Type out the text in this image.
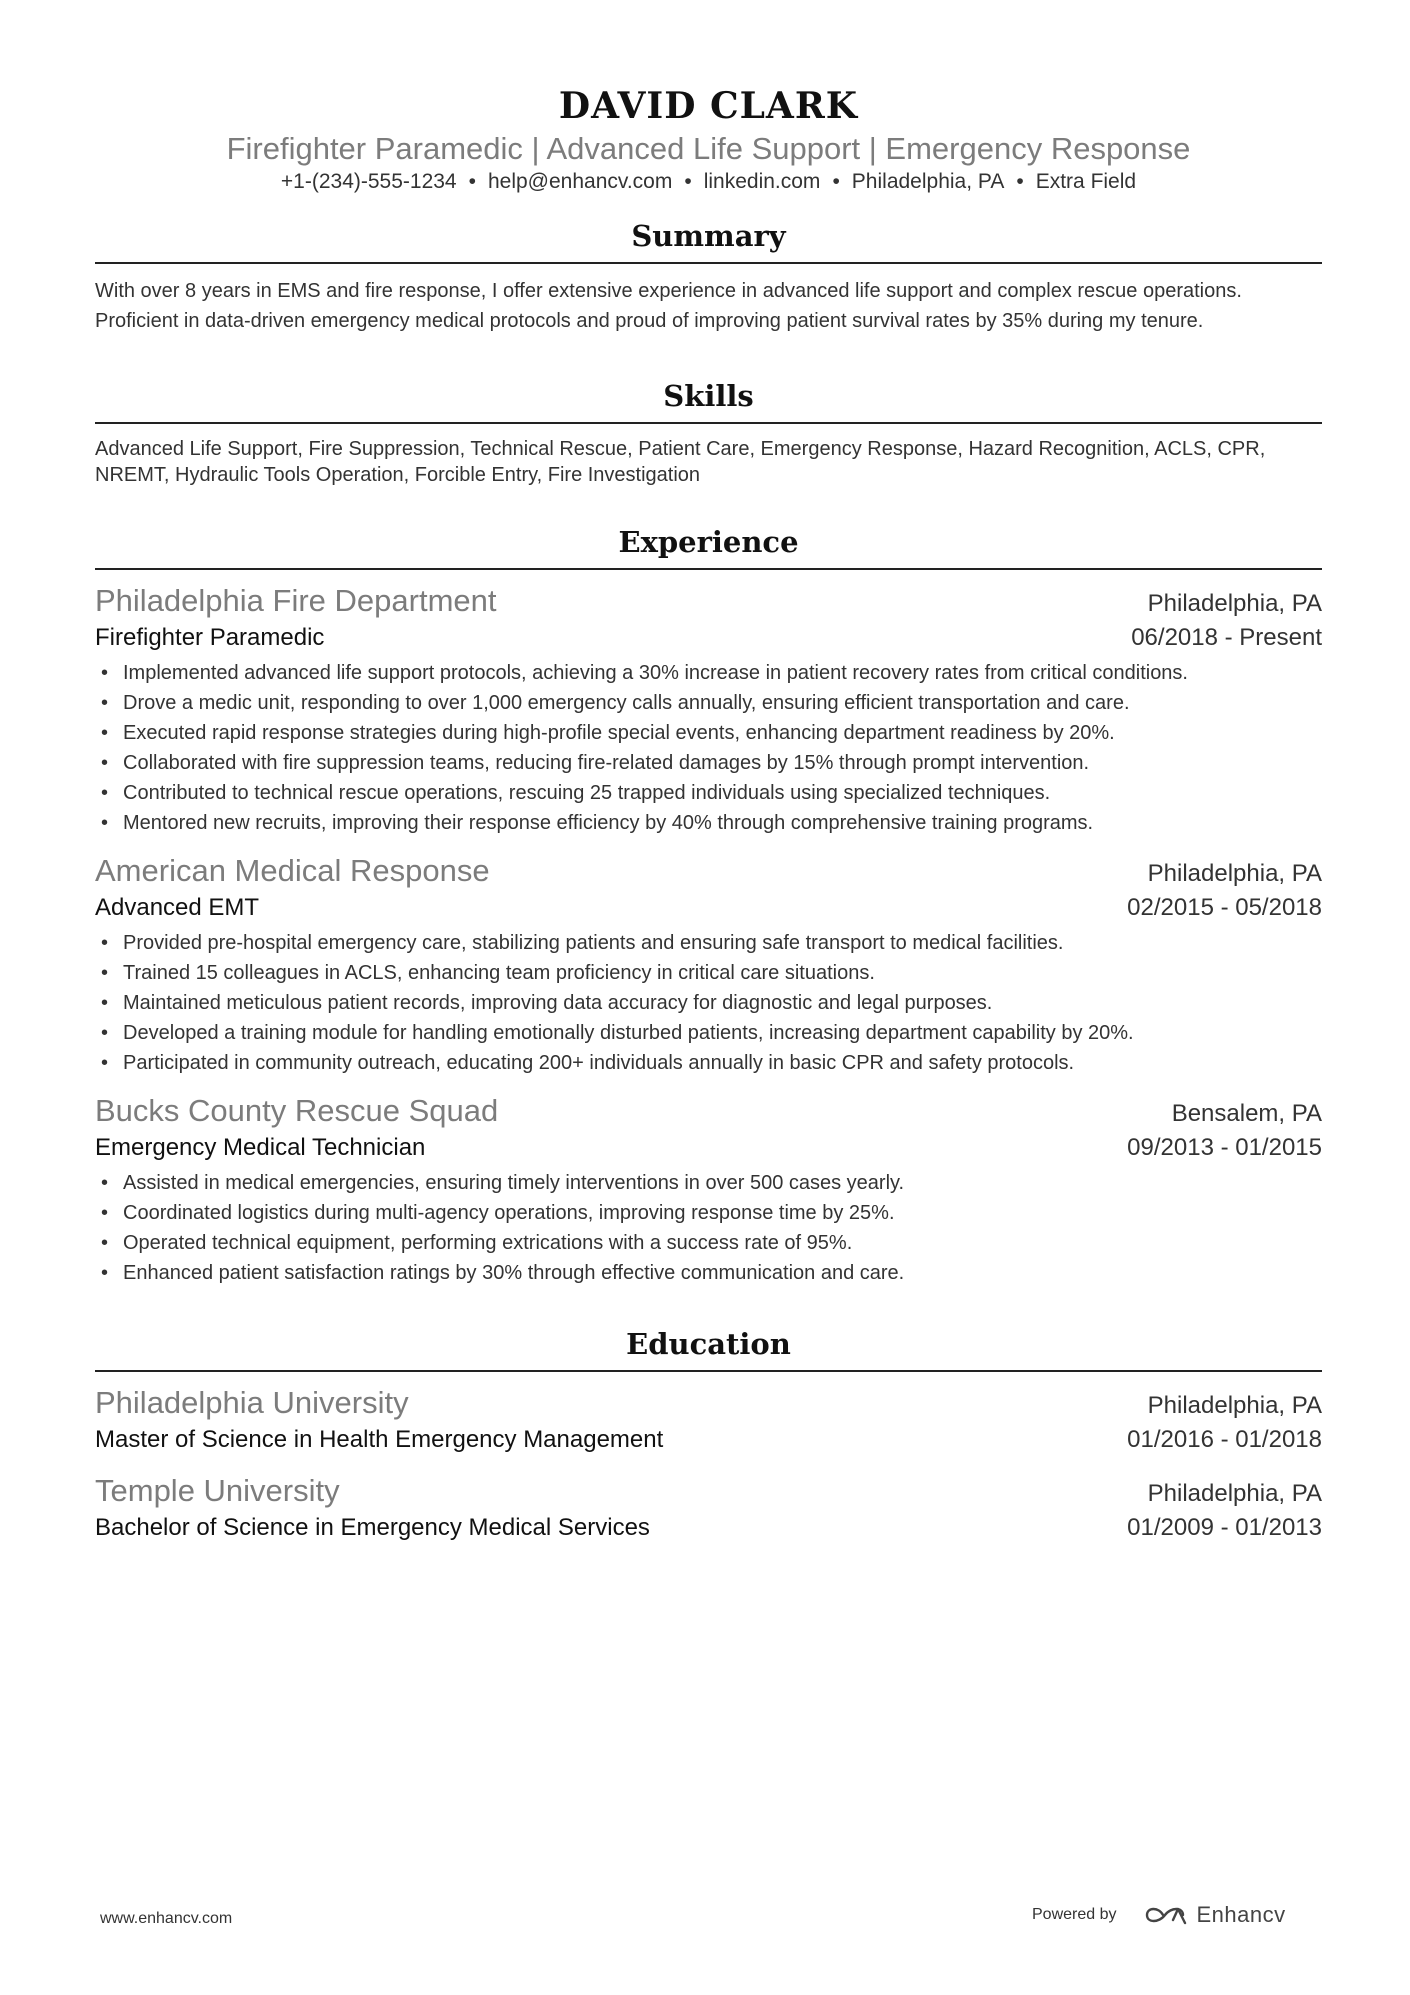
DAVID CLARK
Firefighter Paramedic | Advanced Life Support | Emergency Response
+1-(234)-555-1234 • help@enhancv.com • linkedin.com • Philadelphia, PA • Extra Field
Summary
With over 8 years in EMS and fire response, I offer extensive experience in advanced life support and complex rescue operations. Proficient in data-driven emergency medical protocols and proud of improving patient survival rates by 35% during my tenure.
Skills
Advanced Life Support, Fire Suppression, Technical Rescue, Patient Care, Emergency Response, Hazard Recognition, ACLS, CPR, NREMT, Hydraulic Tools Operation, Forcible Entry, Fire Investigation
Experience
Philadelphia Fire Department	Philadelphia, PA
Firefighter Paramedic	06/2018 - Present
• Implemented advanced life support protocols, achieving a 30% increase in patient recovery rates from critical conditions.
• Drove a medic unit, responding to over 1,000 emergency calls annually, ensuring efficient transportation and care.
• Executed rapid response strategies during high-profile special events, enhancing department readiness by 20%.
• Collaborated with fire suppression teams, reducing fire-related damages by 15% through prompt intervention.
• Contributed to technical rescue operations, rescuing 25 trapped individuals using specialized techniques.
• Mentored new recruits, improving their response efficiency by 40% through comprehensive training programs.
American Medical Response	Philadelphia, PA
Advanced EMT	02/2015 - 05/2018
• Provided pre-hospital emergency care, stabilizing patients and ensuring safe transport to medical facilities.
• Trained 15 colleagues in ACLS, enhancing team proficiency in critical care situations.
• Maintained meticulous patient records, improving data accuracy for diagnostic and legal purposes.
• Developed a training module for handling emotionally disturbed patients, increasing department capability by 20%.
• Participated in community outreach, educating 200+ individuals annually in basic CPR and safety protocols.
Bucks County Rescue Squad	Bensalem, PA
Emergency Medical Technician	09/2013 - 01/2015
• Assisted in medical emergencies, ensuring timely interventions in over 500 cases yearly.
• Coordinated logistics during multi-agency operations, improving response time by 25%.
• Operated technical equipment, performing extrications with a success rate of 95%.
• Enhanced patient satisfaction ratings by 30% through effective communication and care.
Education
Philadelphia University	Philadelphia, PA
Master of Science in Health Emergency Management	01/2016 - 01/2018
Temple University	Philadelphia, PA
Bachelor of Science in Emergency Medical Services	01/2009 - 01/2013
www.enhancv.com	Powered by	Enhancv
